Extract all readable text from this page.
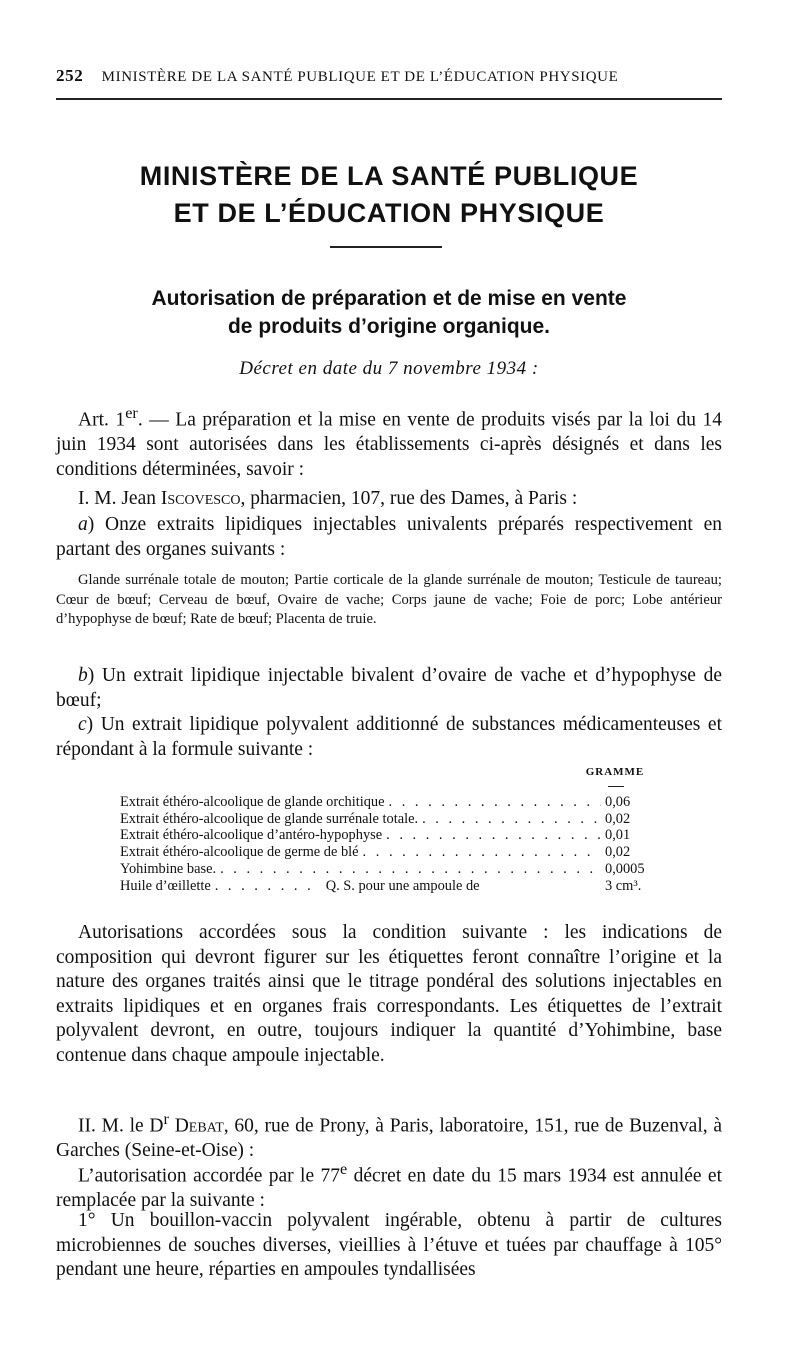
252 MINISTÈRE DE LA SANTÉ PUBLIQUE ET DE L’ÉDUCATION PHYSIQUE
MINISTÈRE DE LA SANTÉ PUBLIQUE
ET DE L’ÉDUCATION PHYSIQUE
Autorisation de préparation et de mise en vente
de produits d’origine organique.
Décret en date du 7 novembre 1934 :
Art. 1er. — La préparation et la mise en vente de produits visés par la loi du 14 juin 1934 sont autorisées dans les établissements ci-après désignés et dans les conditions déterminées, savoir :
I. M. Jean Iscovesco, pharmacien, 107, rue des Dames, à Paris :
a) Onze extraits lipidiques injectables univalents préparés respectivement en partant des organes suivants :
Glande surrénale totale de mouton; Partie corticale de la glande surrénale de mouton; Testicule de taureau; Cœur de bœuf; Cerveau de bœuf, Ovaire de vache; Corps jaune de vache; Foie de porc; Lobe antérieur d’hypophyse de bœuf; Rate de bœuf; Placenta de truie.
b) Un extrait lipidique injectable bivalent d’ovaire de vache et d’hypophyse de bœuf;
c) Un extrait lipidique polyvalent additionné de substances médicamenteuses et répondant à la formule suivante :
GRAMME
Extrait éthéro-alcoolique de glande orchitique . . .	0,06
Extrait éthéro-alcoolique de glande surrénale totale. . . .	0,02
Extrait éthéro-alcoolique d’antéro-hypophyse . . .	0,01
Extrait éthéro-alcoolique de germe de blé . . .	0,02
Yohimbine base. . . .	0,0005
Huile d’œillette . . .	Q. S. pour une ampoule de	3 cm³.
Autorisations accordées sous la condition suivante : les indications de composition qui devront figurer sur les étiquettes feront connaître l’origine et la nature des organes traités ainsi que le titrage pondéral des solutions injectables en extraits lipidiques et en organes frais correspondants. Les étiquettes de l’extrait polyvalent devront, en outre, toujours indiquer la quantité d’Yohimbine, base contenue dans chaque ampoule injectable.
II. M. le $D^r$ Debat, 60, rue de Prony, à Paris, laboratoire, 151, rue de Buzenval, à Garches (Seine-et-Oise) :
L’autorisation accordée par le 77e décret en date du 15 mars 1934 est annulée et remplacée par la suivante :
1° Un bouillon-vaccin polyvalent ingérable, obtenu à partir de cultures microbiennes de souches diverses, vieillies à l’étuve et tuées par chauffage à 105° pendant une heure, réparties en ampoules tyndallisées
